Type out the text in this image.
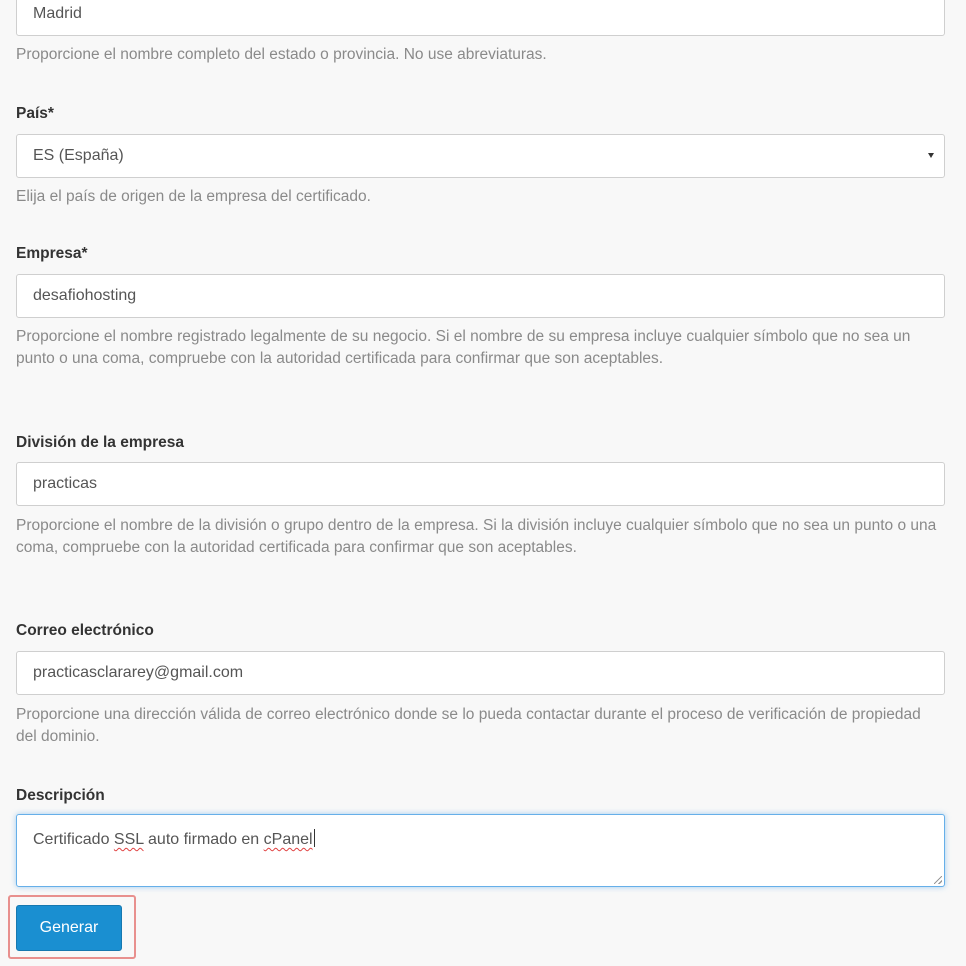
Madrid
Proporcione el nombre completo del estado o provincia. No use abreviaturas.
País*
ES (España)
Elija el país de origen de la empresa del certificado.
Empresa*
desafiohosting
Proporcione el nombre registrado legalmente de su negocio. Si el nombre de su empresa incluye cualquier símbolo que no sea un punto o una coma, compruebe con la autoridad certificada para confirmar que son aceptables.
División de la empresa
practicas
Proporcione el nombre de la división o grupo dentro de la empresa. Si la división incluye cualquier símbolo que no sea un punto o una coma, compruebe con la autoridad certificada para confirmar que son aceptables.
Correo electrónico
practicasclararey@gmail.com
Proporcione una dirección válida de correo electrónico donde se lo pueda contactar durante el proceso de verificación de propiedad del dominio.
Descripción
Certificado SSL auto firmado en cPanel
Generar
